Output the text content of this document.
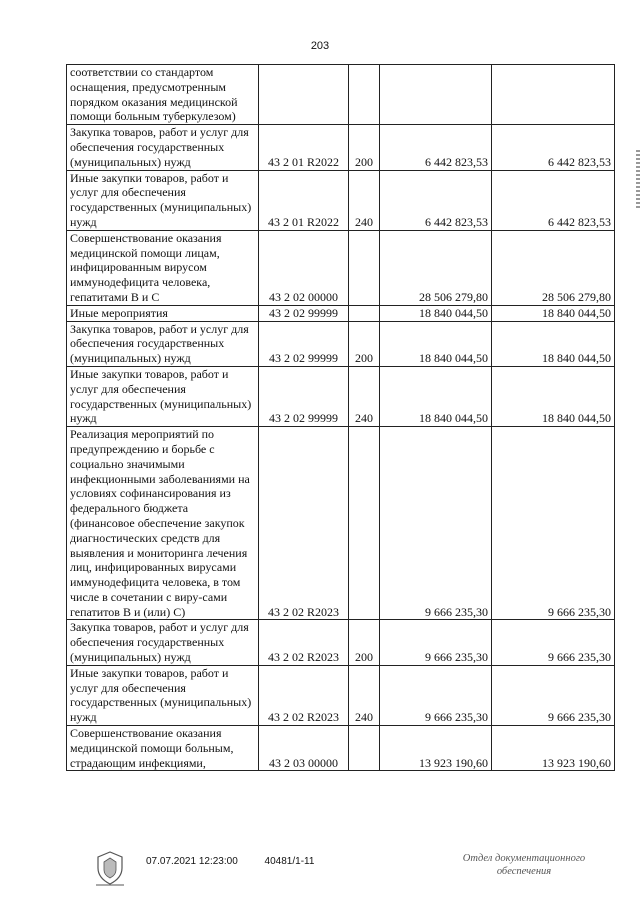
203
соответствии со стандартом оснащения, предусмотренным порядком оказания медицинской помощи больным туберкулезом)				
Закупка товаров, работ и услуг для обеспечения государственных (муниципальных) нужд	43 2 01 R2022	200	6 442 823,53	6 442 823,53
Иные закупки товаров, работ и услуг для обеспечения государственных (муниципальных) нужд	43 2 01 R2022	240	6 442 823,53	6 442 823,53
Совершенствование оказания медицинской помощи лицам, инфицированным вирусом иммунодефицита человека, гепатитами В и С	43 2 02 00000		28 506 279,80	28 506 279,80
Иные мероприятия	43 2 02 99999		18 840 044,50	18 840 044,50
Закупка товаров, работ и услуг для обеспечения государственных (муниципальных) нужд	43 2 02 99999	200	18 840 044,50	18 840 044,50
Иные закупки товаров, работ и услуг для обеспечения государственных (муниципальных) нужд	43 2 02 99999	240	18 840 044,50	18 840 044,50
Реализация мероприятий по предупреждению и борьбе с социально значимыми инфекционными заболеваниями на условиях софинансирования из федерального бюджета (финансовое обеспечение закупок диагностических средств для выявления и мониторинга лечения лиц, инфицированных вирусами иммунодефицита человека, в том числе в сочетании с виру-сами гепатитов В и (или) С)	43 2 02 R2023		9 666 235,30	9 666 235,30
Закупка товаров, работ и услуг для обеспечения государственных (муниципальных) нужд	43 2 02 R2023	200	9 666 235,30	9 666 235,30
Иные закупки товаров, работ и услуг для обеспечения государственных (муниципальных) нужд	43 2 02 R2023	240	9 666 235,30	9 666 235,30
Совершенствование оказания медицинской помощи больным, страдающим инфекциями,	43 2 03 00000		13 923 190,60	13 923 190,60
07.07.2021 12:23:00	40481/1-11	Отдел документационного
обеспечения
